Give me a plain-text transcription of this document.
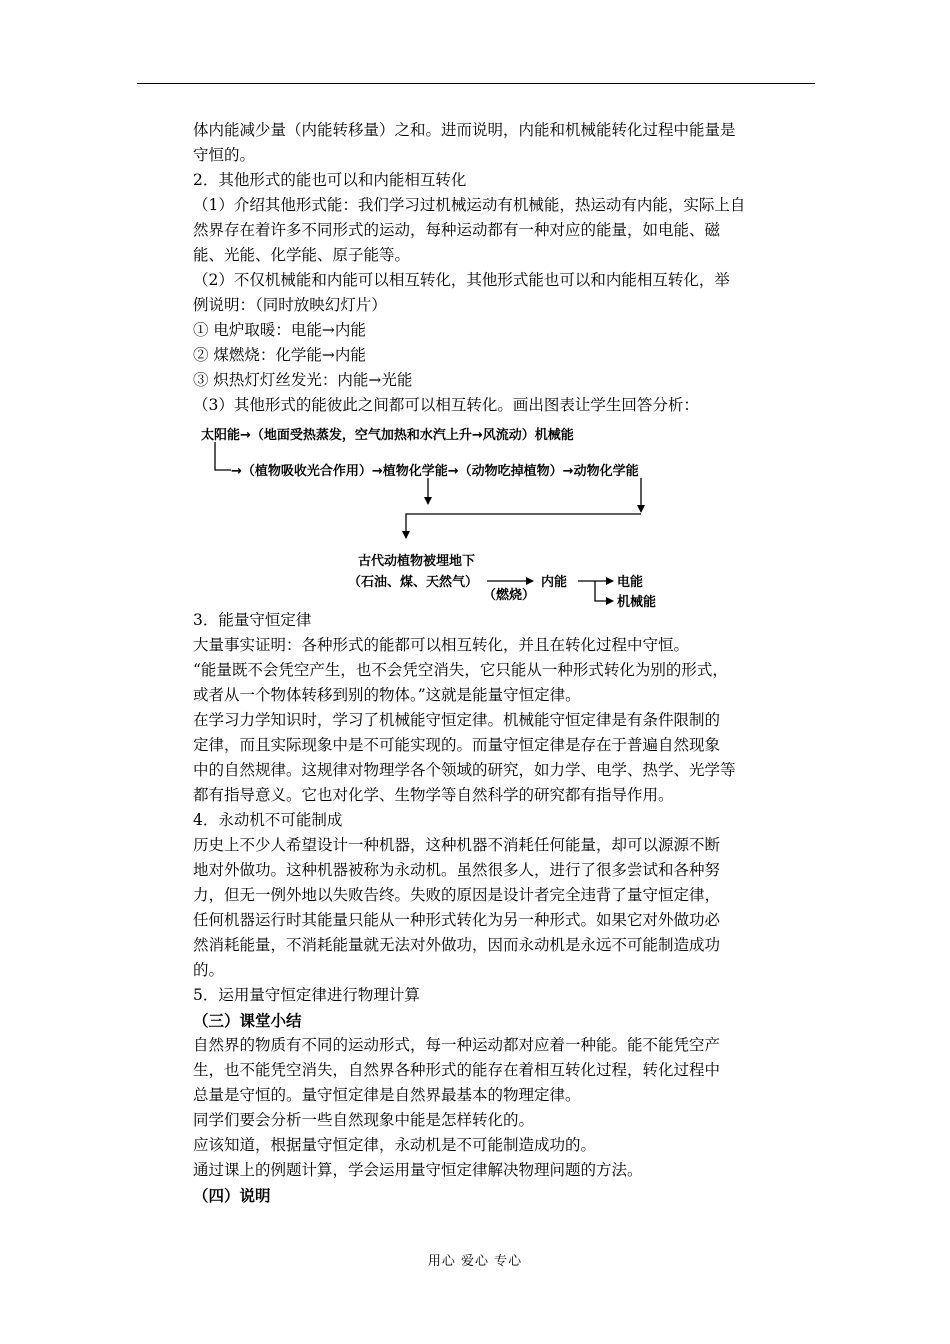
体内能减少量（内能转移量）之和。进而说明，内能和机械能转化过程中能量是
守恒的。
2．其他形式的能也可以和内能相互转化
（1）介绍其他形式能：我们学习过机械运动有机械能，热运动有内能，实际上自
然界存在着许多不同形式的运动，每种运动都有一种对应的能量，如电能、磁
能、光能、化学能、原子能等。
（2）不仅机械能和内能可以相互转化，其他形式能也可以和内能相互转化，举
例说明：（同时放映幻灯片）
① 电炉取暖：电能→内能
② 煤燃烧：化学能→内能
③ 炽热灯灯丝发光：内能→光能
（3）其他形式的能彼此之间都可以相互转化。画出图表让学生回答分析：
太阳能→（地面受热蒸发，空气加热和水汽上升→风流动）机械能
→（植物吸收光合作用）→植物化学能→（动物吃掉植物）→动物化学能
古代动植物被埋地下
（石油、煤、天然气）
（燃烧）
内能	电能
机械能
3．能量守恒定律
大量事实证明：各种形式的能都可以相互转化，并且在转化过程中守恒。
“能量既不会凭空产生，也不会凭空消失，它只能从一种形式转化为别的形式，
或者从一个物体转移到别的物体。”这就是能量守恒定律。
在学习力学知识时，学习了机械能守恒定律。机械能守恒定律是有条件限制的
定律，而且实际现象中是不可能实现的。而量守恒定律是存在于普遍自然现象
中的自然规律。这规律对物理学各个领域的研究，如力学、电学、热学、光学等
都有指导意义。它也对化学、生物学等自然科学的研究都有指导作用。
4．永动机不可能制成
历史上不少人希望设计一种机器，这种机器不消耗任何能量，却可以源源不断
地对外做功。这种机器被称为永动机。虽然很多人，进行了很多尝试和各种努
力，但无一例外地以失败告终。失败的原因是设计者完全违背了量守恒定律，
任何机器运行时其能量只能从一种形式转化为另一种形式。如果它对外做功必
然消耗能量，不消耗能量就无法对外做功，因而永动机是永远不可能制造成功
的。
5．运用量守恒定律进行物理计算
（三）课堂小结
自然界的物质有不同的运动形式，每一种运动都对应着一种能。能不能凭空产
生，也不能凭空消失，自然界各种形式的能存在着相互转化过程，转化过程中
总量是守恒的。量守恒定律是自然界最基本的物理定律。
同学们要会分析一些自然现象中能是怎样转化的。
应该知道，根据量守恒定律，永动机是不可能制造成功的。
通过课上的例题计算，学会运用量守恒定律解决物理问题的方法。
（四）说明
用心 爱心 专心
